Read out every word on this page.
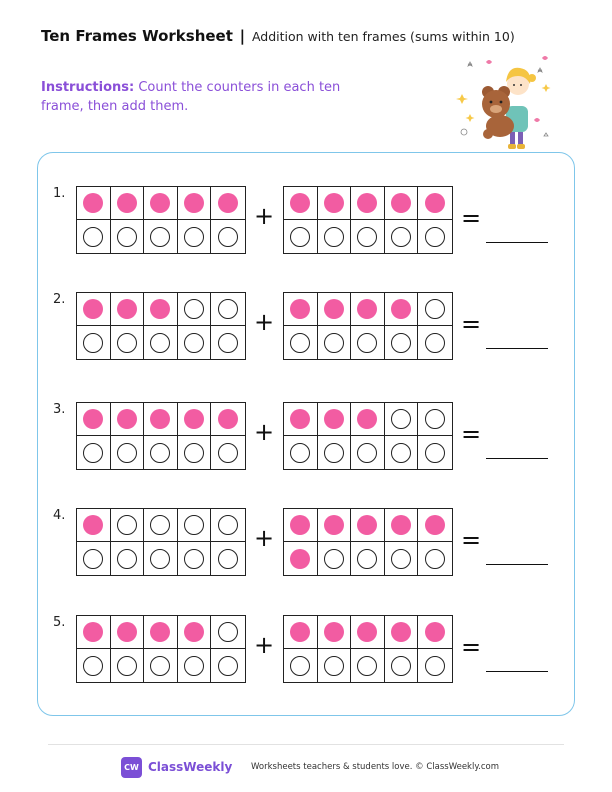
Ten Frames Worksheet | Addition with ten frames (sums within 10)
Instructions: Count the counters in each ten frame, then add them.
1.
+	=
2.
+	=
3.
+	=
4.
+	=
5.
+	=
CW ClassWeekly Worksheets teachers & students love. © ClassWeekly.com
